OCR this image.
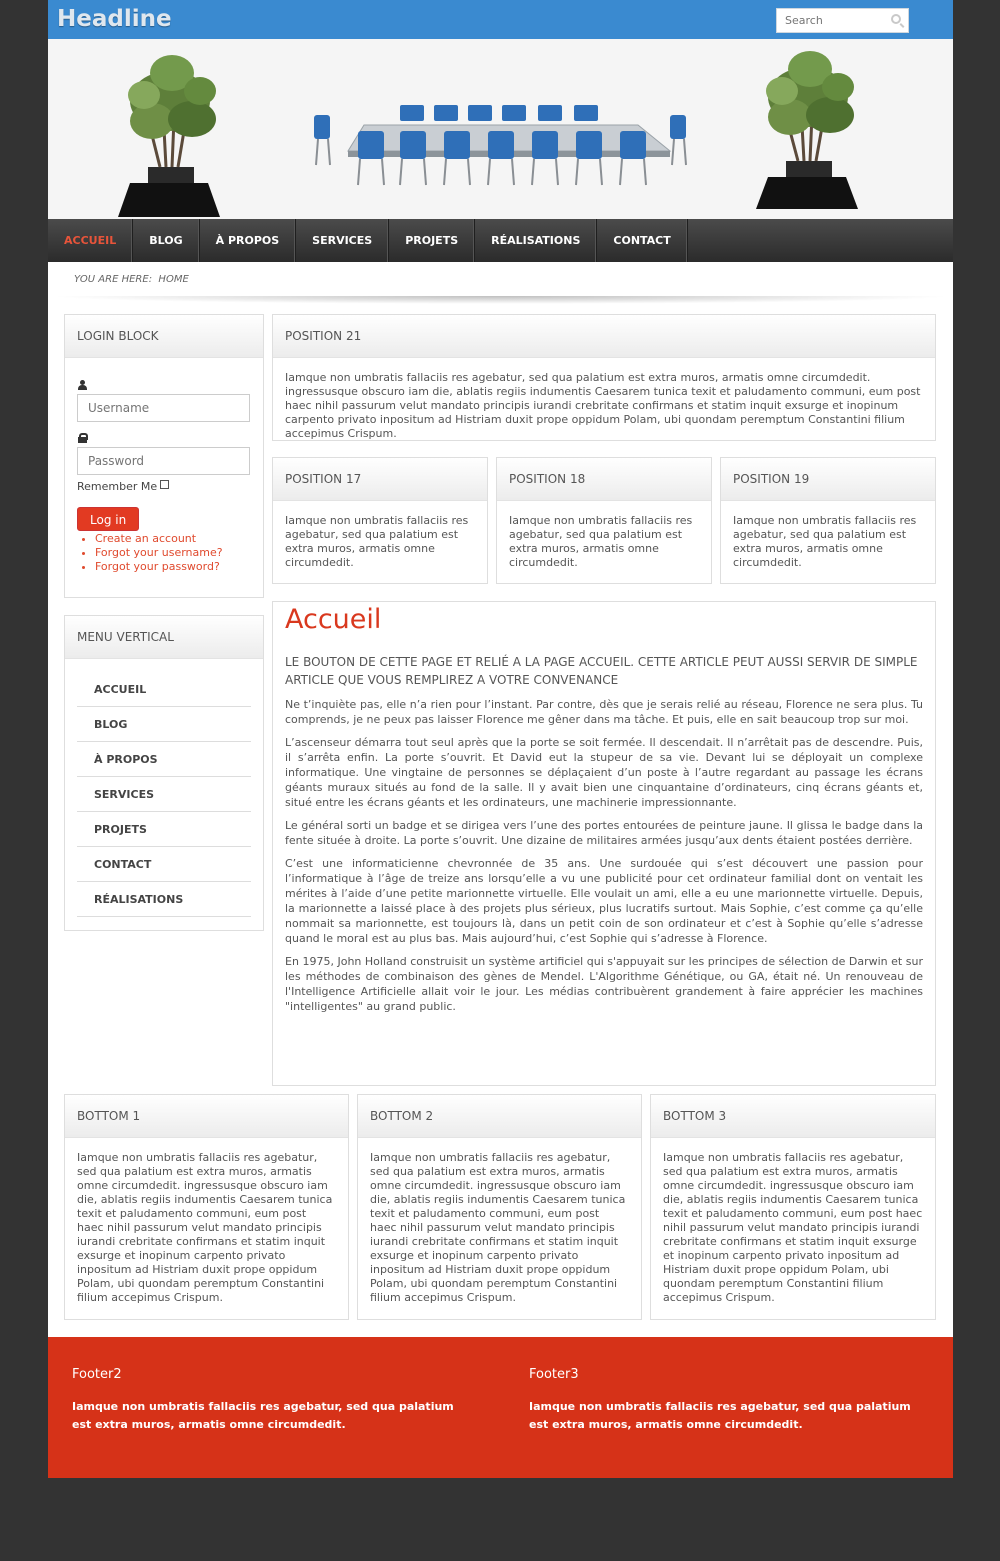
Headline
Search
ACCUEIL	BLOG	À PROPOS	SERVICES	PROJETS	RÉALISATIONS	CONTACT
YOU ARE HERE: HOME
LOGIN BLOCK
Username
Remember Me
Log in
• Create an account
• Forgot your username?
• Forgot your password?
MENU VERTICAL
ACCUEIL
BLOG
À PROPOS
SERVICES
PROJETS
CONTACT
RÉALISATIONS
POSITION 21
Iamque non umbratis fallaciis res agebatur, sed qua palatium est extra muros, armatis omne circumdedit. ingressusque obscuro iam die, ablatis regiis indumentis Caesarem tunica texit et paludamento communi, eum post haec nihil passurum velut mandato principis iurandi crebritate confirmans et statim inquit exsurge et inopinum carpento privato inpositum ad Histriam duxit prope oppidum Polam, ubi quondam peremptum Constantini filium accepimus Crispum.
POSITION 17
Iamque non umbratis fallaciis res agebatur, sed qua palatium est extra muros, armatis omne circumdedit.
POSITION 18
Iamque non umbratis fallaciis res agebatur, sed qua palatium est extra muros, armatis omne circumdedit.
POSITION 19
Iamque non umbratis fallaciis res agebatur, sed qua palatium est extra muros, armatis omne circumdedit.
Accueil
LE BOUTON DE CETTE PAGE ET RELIÉ A LA PAGE ACCUEIL. CETTE ARTICLE PEUT AUSSI SERVIR DE SIMPLE ARTICLE QUE VOUS REMPLIREZ A VOTRE CONVENANCE

Ne t’inquiète pas, elle n’a rien pour l’instant. Par contre, dès que je serais relié au réseau, Florence ne sera plus. Tu comprends, je ne peux pas laisser Florence me gêner dans ma tâche. Et puis, elle en sait beaucoup trop sur moi.

L’ascenseur démarra tout seul après que la porte se soit fermée. Il descendait. Il n’arrêtait pas de descendre. Puis, il s’arrêta enfin. La porte s’ouvrit. Et David eut la stupeur de sa vie. Devant lui se déployait un complexe informatique. Une vingtaine de personnes se déplaçaient d’un poste à l’autre regardant au passage les écrans géants muraux situés au fond de la salle. Il y avait bien une cinquantaine d’ordinateurs, cinq écrans géants et, situé entre les écrans géants et les ordinateurs, une machinerie impressionnante.

Le général sorti un badge et se dirigea vers l’une des portes entourées de peinture jaune. Il glissa le badge dans la fente située à droite. La porte s’ouvrit. Une dizaine de militaires armées jusqu’aux dents étaient postées derrière.

C’est une informaticienne chevronnée de 35 ans. Une surdouée qui s’est découvert une passion pour l’informatique à l’âge de treize ans lorsqu’elle a vu une publicité pour cet ordinateur familial dont on ventait les mérites à l’aide d’une petite marionnette virtuelle. Elle voulait un ami, elle a eu une marionnette virtuelle. Depuis, la marionnette a laissé place à des projets plus sérieux, plus lucratifs surtout. Mais Sophie, c’est comme ça qu’elle nommait sa marionnette, est toujours là, dans un petit coin de son ordinateur et c’est à Sophie qu’elle s’adresse quand le moral est au plus bas. Mais aujourd’hui, c’est Sophie qui s’adresse à Florence.

En 1975, John Holland construisit un système artificiel qui s'appuyait sur les principes de sélection de Darwin et sur les méthodes de combinaison des gènes de Mendel. L'Algorithme Génétique, ou GA, était né. Un renouveau de l'Intelligence Artificielle allait voir le jour. Les médias contribuèrent grandement à faire apprécier les machines "intelligentes" au grand public.

BOTTOM 1
Iamque non umbratis fallaciis res agebatur, sed qua palatium est extra muros, armatis omne circumdedit. ingressusque obscuro iam die, ablatis regiis indumentis Caesarem tunica texit et paludamento communi, eum post haec nihil passurum velut mandato principis iurandi crebritate confirmans et statim inquit exsurge et inopinum carpento privato inpositum ad Histriam duxit prope oppidum Polam, ubi quondam peremptum Constantini filium accepimus Crispum.
BOTTOM 2
Iamque non umbratis fallaciis res agebatur, sed qua palatium est extra muros, armatis omne circumdedit. ingressusque obscuro iam die, ablatis regiis indumentis Caesarem tunica texit et paludamento communi, eum post haec nihil passurum velut mandato principis iurandi crebritate confirmans et statim inquit exsurge et inopinum carpento privato inpositum ad Histriam duxit prope oppidum Polam, ubi quondam peremptum Constantini filium accepimus Crispum.
BOTTOM 3
Iamque non umbratis fallaciis res agebatur, sed qua palatium est extra muros, armatis omne circumdedit. ingressusque obscuro iam die, ablatis regiis indumentis Caesarem tunica texit et paludamento communi, eum post haec nihil passurum velut mandato principis iurandi crebritate confirmans et statim inquit exsurge et inopinum carpento privato inpositum ad Histriam duxit prope oppidum Polam, ubi quondam peremptum Constantini filium accepimus Crispum.
Footer2

Iamque non umbratis fallaciis res agebatur, sed qua palatium est extra muros, armatis omne circumdedit.

Footer3

Iamque non umbratis fallaciis res agebatur, sed qua palatium est extra muros, armatis omne circumdedit.
